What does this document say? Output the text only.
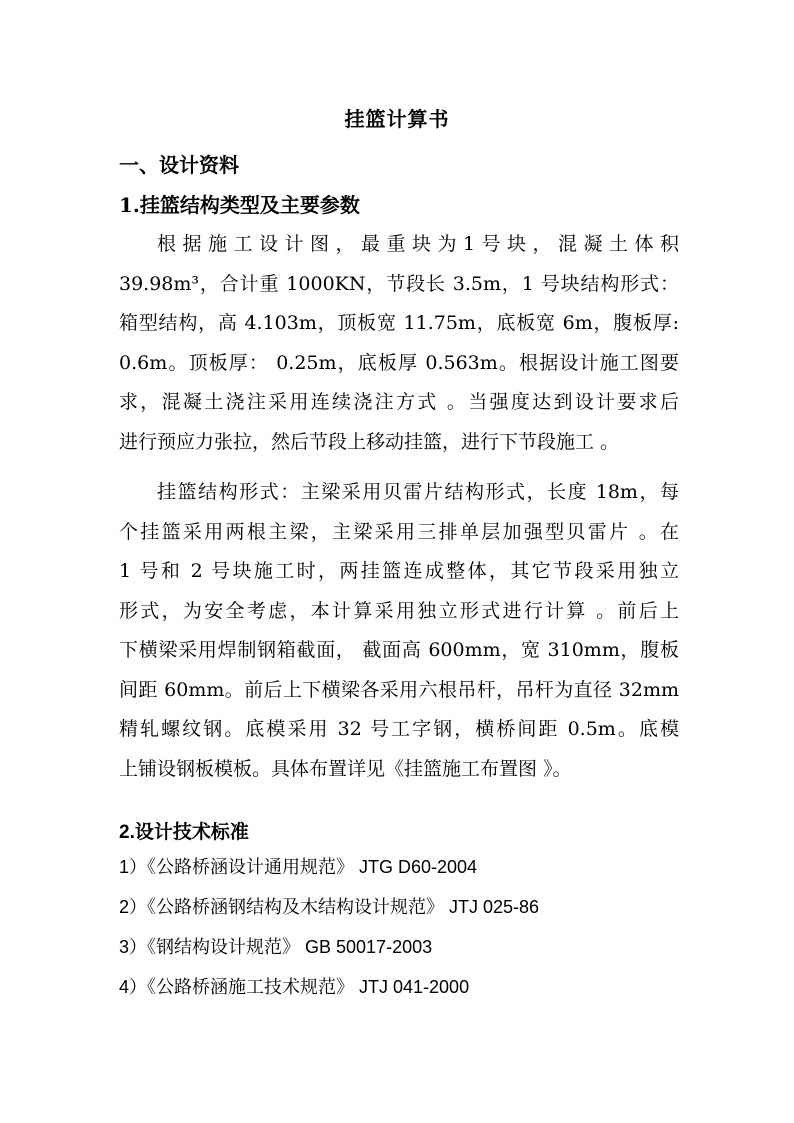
挂篮计算书
一、设计资料
1.挂篮结构类型及主要参数
根据施工设计图，最重块为1号块，混凝土体积
39.98m³，合计重 1000KN，节段长 3.5m，1 号块结构形式：
箱型结构，高 4.103m，顶板宽 11.75m，底板宽 6m，腹板厚:
0.6m。顶板厚： 0.25m，底板厚 0.563m。根据设计施工图要
求，混凝土浇注采用连续浇注方式 。当强度达到设计要求后
进行预应力张拉，然后节段上移动挂篮，进行下节段施工 。
挂篮结构形式：主梁采用贝雷片结构形式，长度 18m，每
个挂篮采用两根主梁，主梁采用三排单层加强型贝雷片 。在
1 号和 2 号块施工时，两挂篮连成整体，其它节段采用独立
形式，为安全考虑，本计算采用独立形式进行计算 。前后上
下横梁采用焊制钢箱截面， 截面高 600mm，宽 310mm，腹板
间距 60mm。前后上下横梁各采用六根吊杆，吊杆为直径 32mm
精轧螺纹钢。底模采用 32 号工字钢，横桥间距 0.5m。底模
上铺设钢板模板。具体布置详见《挂篮施工布置图 》。
2.设计技术标准
1）《公路桥涵设计通用规范》 JTG D60-2004
2）《公路桥涵钢结构及木结构设计规范》 JTJ 025-86
3）《钢结构设计规范》 GB 50017-2003
4）《公路桥涵施工技术规范》 JTJ 041-2000
